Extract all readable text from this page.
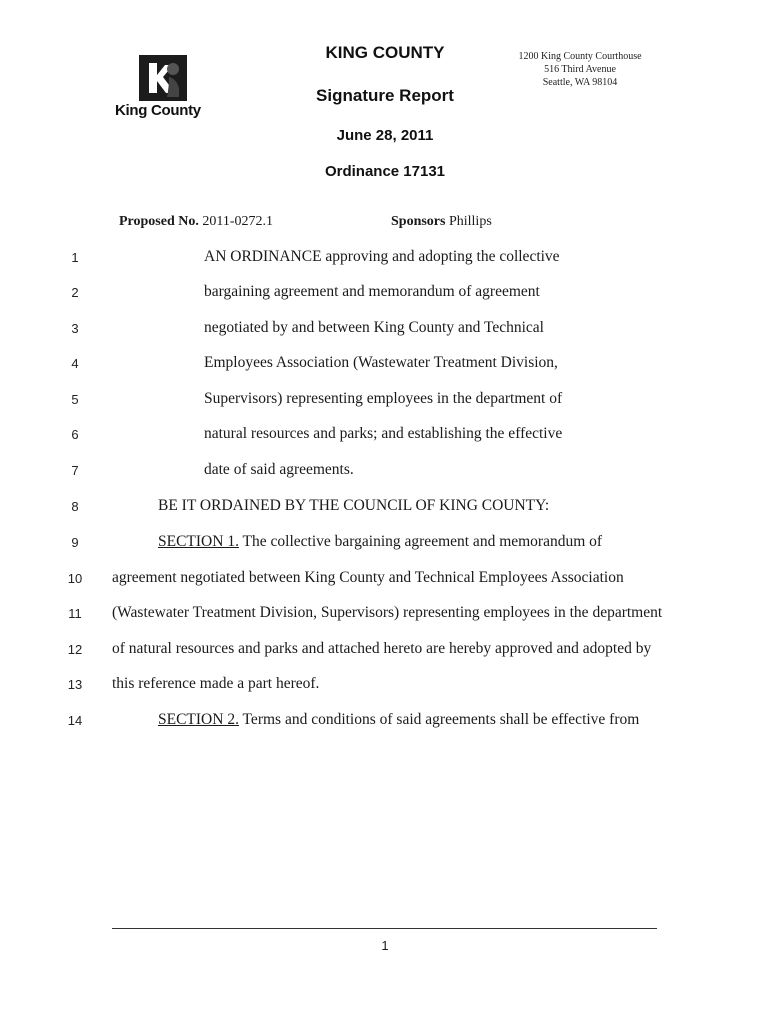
King County
KING COUNTY
Signature Report
June 28, 2011
Ordinance 17131
1200 King County Courthouse
516 Third Avenue
Seattle, WA 98104
Proposed No. 2011-0272.1	Sponsors Phillips
1
2
3
4
5
6
7
8
9
10
11
12
13
14
AN ORDINANCE approving and adopting the collective
bargaining agreement and memorandum of agreement
negotiated by and between King County and Technical
Employees Association (Wastewater Treatment Division,
Supervisors) representing employees in the department of
natural resources and parks; and establishing the effective
date of said agreements.
BE IT ORDAINED BY THE COUNCIL OF KING COUNTY:
SECTION 1. The collective bargaining agreement and memorandum of
agreement negotiated between King County and Technical Employees Association
(Wastewater Treatment Division, Supervisors) representing employees in the department
of natural resources and parks and attached hereto are hereby approved and adopted by
this reference made a part hereof.
SECTION 2. Terms and conditions of said agreements shall be effective from
1
